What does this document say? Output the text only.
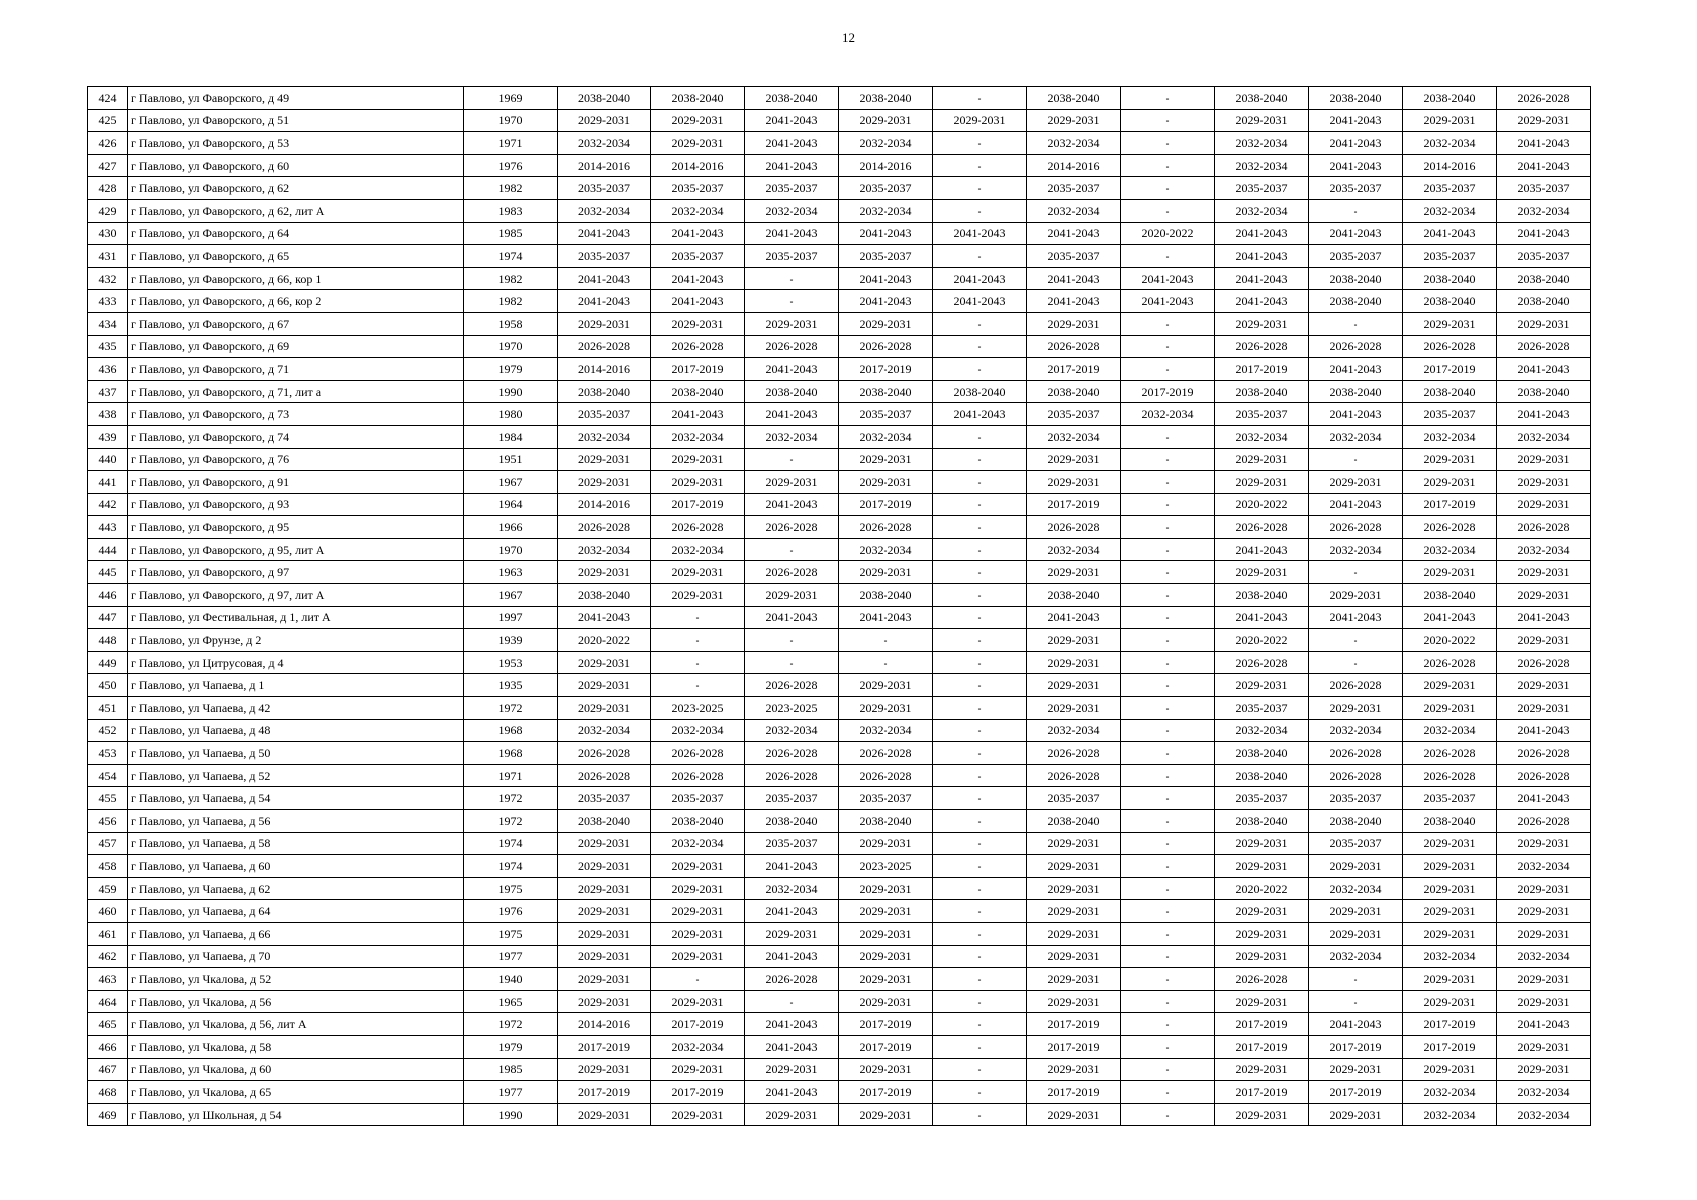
12
424	г Павлово, ул Фаворского, д 49	1969	2038-2040	2038-2040	2038-2040	2038-2040	-	2038-2040	-	2038-2040	2038-2040	2038-2040	2026-2028
425	г Павлово, ул Фаворского, д 51	1970	2029-2031	2029-2031	2041-2043	2029-2031	2029-2031	2029-2031	-	2029-2031	2041-2043	2029-2031	2029-2031
426	г Павлово, ул Фаворского, д 53	1971	2032-2034	2029-2031	2041-2043	2032-2034	-	2032-2034	-	2032-2034	2041-2043	2032-2034	2041-2043
427	г Павлово, ул Фаворского, д 60	1976	2014-2016	2014-2016	2041-2043	2014-2016	-	2014-2016	-	2032-2034	2041-2043	2014-2016	2041-2043
428	г Павлово, ул Фаворского, д 62	1982	2035-2037	2035-2037	2035-2037	2035-2037	-	2035-2037	-	2035-2037	2035-2037	2035-2037	2035-2037
429	г Павлово, ул Фаворского, д 62, лит А	1983	2032-2034	2032-2034	2032-2034	2032-2034	-	2032-2034	-	2032-2034	-	2032-2034	2032-2034
430	г Павлово, ул Фаворского, д 64	1985	2041-2043	2041-2043	2041-2043	2041-2043	2041-2043	2041-2043	2020-2022	2041-2043	2041-2043	2041-2043	2041-2043
431	г Павлово, ул Фаворского, д 65	1974	2035-2037	2035-2037	2035-2037	2035-2037	-	2035-2037	-	2041-2043	2035-2037	2035-2037	2035-2037
432	г Павлово, ул Фаворского, д 66, кор 1	1982	2041-2043	2041-2043	-	2041-2043	2041-2043	2041-2043	2041-2043	2041-2043	2038-2040	2038-2040	2038-2040
433	г Павлово, ул Фаворского, д 66, кор 2	1982	2041-2043	2041-2043	-	2041-2043	2041-2043	2041-2043	2041-2043	2041-2043	2038-2040	2038-2040	2038-2040
434	г Павлово, ул Фаворского, д 67	1958	2029-2031	2029-2031	2029-2031	2029-2031	-	2029-2031	-	2029-2031	-	2029-2031	2029-2031
435	г Павлово, ул Фаворского, д 69	1970	2026-2028	2026-2028	2026-2028	2026-2028	-	2026-2028	-	2026-2028	2026-2028	2026-2028	2026-2028
436	г Павлово, ул Фаворского, д 71	1979	2014-2016	2017-2019	2041-2043	2017-2019	-	2017-2019	-	2017-2019	2041-2043	2017-2019	2041-2043
437	г Павлово, ул Фаворского, д 71, лит а	1990	2038-2040	2038-2040	2038-2040	2038-2040	2038-2040	2038-2040	2017-2019	2038-2040	2038-2040	2038-2040	2038-2040
438	г Павлово, ул Фаворского, д 73	1980	2035-2037	2041-2043	2041-2043	2035-2037	2041-2043	2035-2037	2032-2034	2035-2037	2041-2043	2035-2037	2041-2043
439	г Павлово, ул Фаворского, д 74	1984	2032-2034	2032-2034	2032-2034	2032-2034	-	2032-2034	-	2032-2034	2032-2034	2032-2034	2032-2034
440	г Павлово, ул Фаворского, д 76	1951	2029-2031	2029-2031	-	2029-2031	-	2029-2031	-	2029-2031	-	2029-2031	2029-2031
441	г Павлово, ул Фаворского, д 91	1967	2029-2031	2029-2031	2029-2031	2029-2031	-	2029-2031	-	2029-2031	2029-2031	2029-2031	2029-2031
442	г Павлово, ул Фаворского, д 93	1964	2014-2016	2017-2019	2041-2043	2017-2019	-	2017-2019	-	2020-2022	2041-2043	2017-2019	2029-2031
443	г Павлово, ул Фаворского, д 95	1966	2026-2028	2026-2028	2026-2028	2026-2028	-	2026-2028	-	2026-2028	2026-2028	2026-2028	2026-2028
444	г Павлово, ул Фаворского, д 95, лит А	1970	2032-2034	2032-2034	-	2032-2034	-	2032-2034	-	2041-2043	2032-2034	2032-2034	2032-2034
445	г Павлово, ул Фаворского, д 97	1963	2029-2031	2029-2031	2026-2028	2029-2031	-	2029-2031	-	2029-2031	-	2029-2031	2029-2031
446	г Павлово, ул Фаворского, д 97, лит А	1967	2038-2040	2029-2031	2029-2031	2038-2040	-	2038-2040	-	2038-2040	2029-2031	2038-2040	2029-2031
447	г Павлово, ул Фестивальная, д 1, лит А	1997	2041-2043	-	2041-2043	2041-2043	-	2041-2043	-	2041-2043	2041-2043	2041-2043	2041-2043
448	г Павлово, ул Фрунзе, д 2	1939	2020-2022	-	-	-	-	2029-2031	-	2020-2022	-	2020-2022	2029-2031
449	г Павлово, ул Цитрусовая, д 4	1953	2029-2031	-	-	-	-	2029-2031	-	2026-2028	-	2026-2028	2026-2028
450	г Павлово, ул Чапаева, д 1	1935	2029-2031	-	2026-2028	2029-2031	-	2029-2031	-	2029-2031	2026-2028	2029-2031	2029-2031
451	г Павлово, ул Чапаева, д 42	1972	2029-2031	2023-2025	2023-2025	2029-2031	-	2029-2031	-	2035-2037	2029-2031	2029-2031	2029-2031
452	г Павлово, ул Чапаева, д 48	1968	2032-2034	2032-2034	2032-2034	2032-2034	-	2032-2034	-	2032-2034	2032-2034	2032-2034	2041-2043
453	г Павлово, ул Чапаева, д 50	1968	2026-2028	2026-2028	2026-2028	2026-2028	-	2026-2028	-	2038-2040	2026-2028	2026-2028	2026-2028
454	г Павлово, ул Чапаева, д 52	1971	2026-2028	2026-2028	2026-2028	2026-2028	-	2026-2028	-	2038-2040	2026-2028	2026-2028	2026-2028
455	г Павлово, ул Чапаева, д 54	1972	2035-2037	2035-2037	2035-2037	2035-2037	-	2035-2037	-	2035-2037	2035-2037	2035-2037	2041-2043
456	г Павлово, ул Чапаева, д 56	1972	2038-2040	2038-2040	2038-2040	2038-2040	-	2038-2040	-	2038-2040	2038-2040	2038-2040	2026-2028
457	г Павлово, ул Чапаева, д 58	1974	2029-2031	2032-2034	2035-2037	2029-2031	-	2029-2031	-	2029-2031	2035-2037	2029-2031	2029-2031
458	г Павлово, ул Чапаева, д 60	1974	2029-2031	2029-2031	2041-2043	2023-2025	-	2029-2031	-	2029-2031	2029-2031	2029-2031	2032-2034
459	г Павлово, ул Чапаева, д 62	1975	2029-2031	2029-2031	2032-2034	2029-2031	-	2029-2031	-	2020-2022	2032-2034	2029-2031	2029-2031
460	г Павлово, ул Чапаева, д 64	1976	2029-2031	2029-2031	2041-2043	2029-2031	-	2029-2031	-	2029-2031	2029-2031	2029-2031	2029-2031
461	г Павлово, ул Чапаева, д 66	1975	2029-2031	2029-2031	2029-2031	2029-2031	-	2029-2031	-	2029-2031	2029-2031	2029-2031	2029-2031
462	г Павлово, ул Чапаева, д 70	1977	2029-2031	2029-2031	2041-2043	2029-2031	-	2029-2031	-	2029-2031	2032-2034	2032-2034	2032-2034
463	г Павлово, ул Чкалова, д 52	1940	2029-2031	-	2026-2028	2029-2031	-	2029-2031	-	2026-2028	-	2029-2031	2029-2031
464	г Павлово, ул Чкалова, д 56	1965	2029-2031	2029-2031	-	2029-2031	-	2029-2031	-	2029-2031	-	2029-2031	2029-2031
465	г Павлово, ул Чкалова, д 56, лит А	1972	2014-2016	2017-2019	2041-2043	2017-2019	-	2017-2019	-	2017-2019	2041-2043	2017-2019	2041-2043
466	г Павлово, ул Чкалова, д 58	1979	2017-2019	2032-2034	2041-2043	2017-2019	-	2017-2019	-	2017-2019	2017-2019	2017-2019	2029-2031
467	г Павлово, ул Чкалова, д 60	1985	2029-2031	2029-2031	2029-2031	2029-2031	-	2029-2031	-	2029-2031	2029-2031	2029-2031	2029-2031
468	г Павлово, ул Чкалова, д 65	1977	2017-2019	2017-2019	2041-2043	2017-2019	-	2017-2019	-	2017-2019	2017-2019	2032-2034	2032-2034
469	г Павлово, ул Школьная, д 54	1990	2029-2031	2029-2031	2029-2031	2029-2031	-	2029-2031	-	2029-2031	2029-2031	2032-2034	2032-2034
